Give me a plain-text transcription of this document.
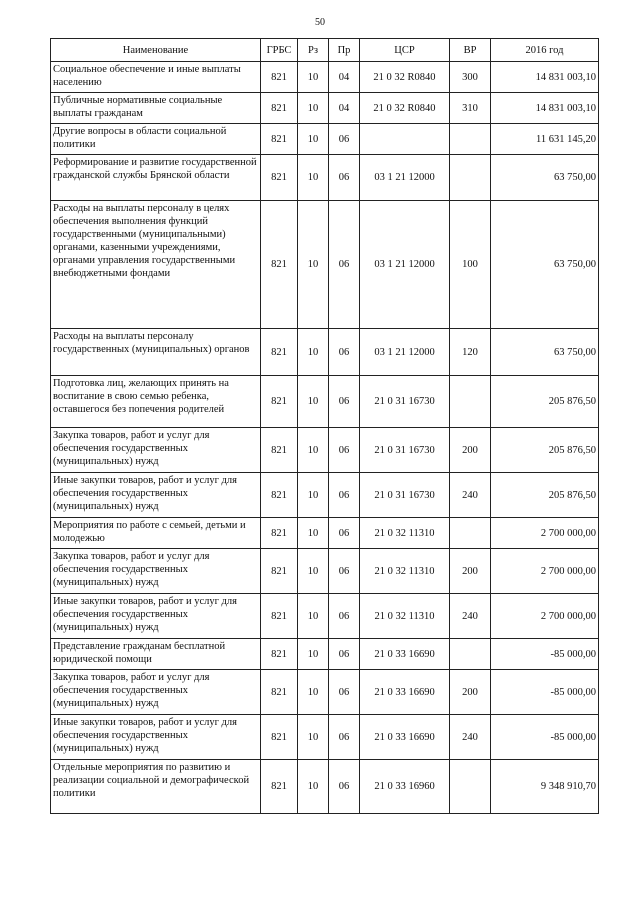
50
Наименование	ГРБС	Рз	Пр	ЦСР	ВР	2016 год
Социальное обеспечение и иные выплаты населению	821	10	04	21 0 32 R0840	300	14 831 003,10
Публичные нормативные социальные выплаты гражданам	821	10	04	21 0 32 R0840	310	14 831 003,10
Другие вопросы в области социальной политики	821	10	06			11 631 145,20
Реформирование и развитие государственной гражданской службы Брянской области	821	10	06	03 1 21 12000		63 750,00
Расходы на выплаты персоналу в целях обеспечения выполнения функций государственными (муниципальными) органами, казенными учреждениями, органами управления государственными внебюджетными фондами	821	10	06	03 1 21 12000	100	63 750,00
Расходы на выплаты персоналу государственных (муниципальных) органов	821	10	06	03 1 21 12000	120	63 750,00
Подготовка лиц, желающих принять на воспитание в свою семью ребенка, оставшегося без попечения родителей	821	10	06	21 0 31 16730		205 876,50
Закупка товаров, работ и услуг для обеспечения государственных (муниципальных) нужд	821	10	06	21 0 31 16730	200	205 876,50
Иные закупки товаров, работ и услуг для обеспечения государственных (муниципальных) нужд	821	10	06	21 0 31 16730	240	205 876,50
Мероприятия по работе с семьей, детьми и молодежью	821	10	06	21 0 32 11310		2 700 000,00
Закупка товаров, работ и услуг для обеспечения государственных (муниципальных) нужд	821	10	06	21 0 32 11310	200	2 700 000,00
Иные закупки товаров, работ и услуг для обеспечения государственных (муниципальных) нужд	821	10	06	21 0 32 11310	240	2 700 000,00
Представление гражданам бесплатной юридической помощи	821	10	06	21 0 33 16690		-85 000,00
Закупка товаров, работ и услуг для обеспечения государственных (муниципальных) нужд	821	10	06	21 0 33 16690	200	-85 000,00
Иные закупки товаров, работ и услуг для обеспечения государственных (муниципальных) нужд	821	10	06	21 0 33 16690	240	-85 000,00
Отдельные мероприятия по развитию и реализации социальной и демографической политики	821	10	06	21 0 33 16960		9 348 910,70
